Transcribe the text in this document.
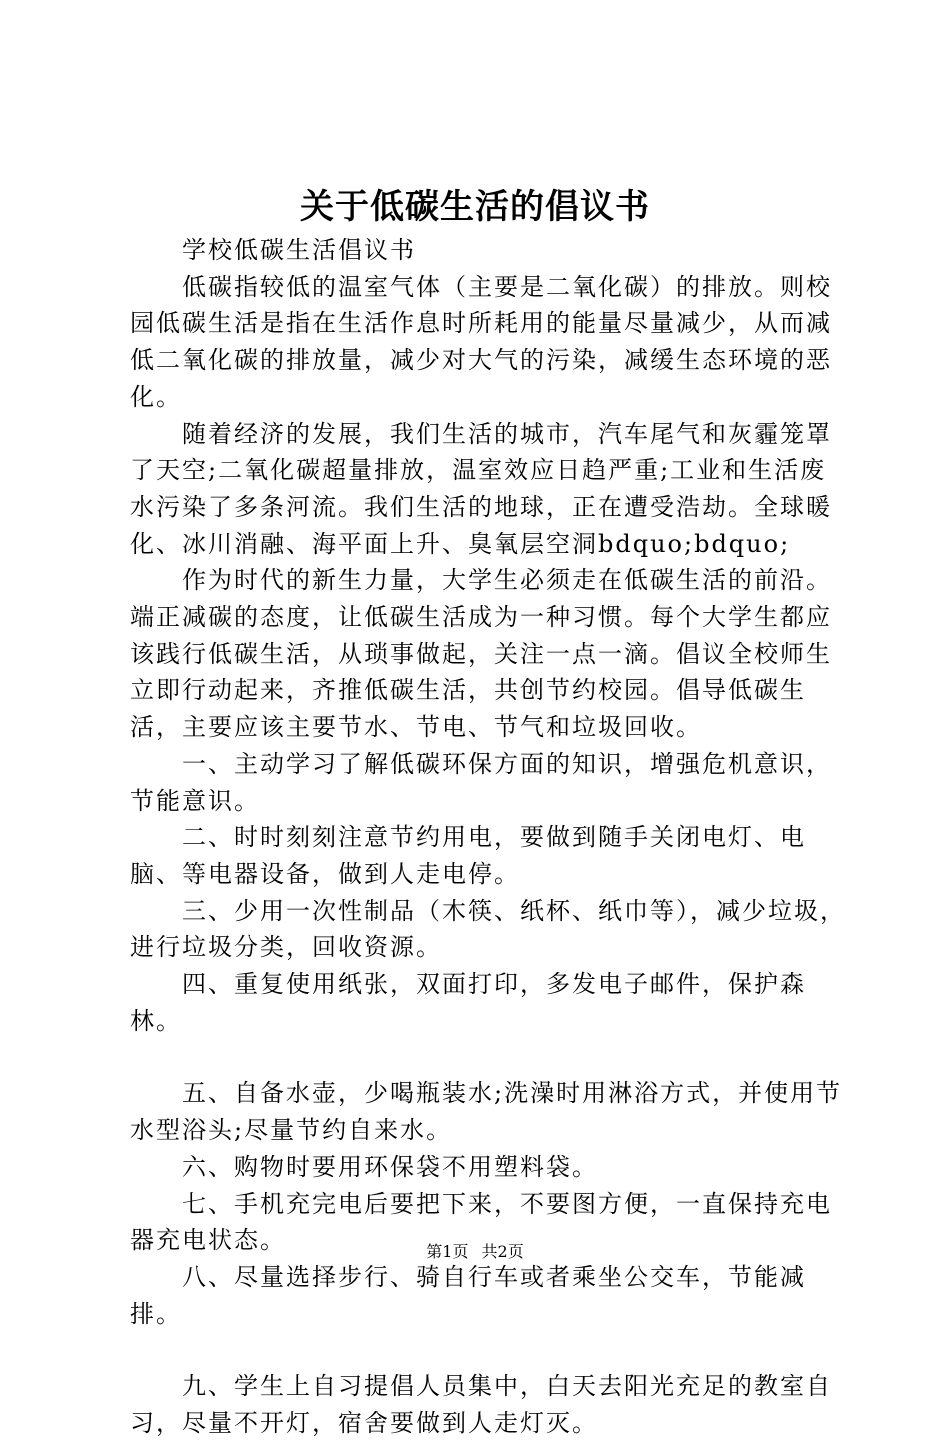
关于低碳生活的倡议书

学校低碳生活倡议书

低碳指较低的温室气体（主要是二氧化碳）的排放。则校园低碳生活是指在生活作息时所耗用的能量尽量减少，从而减低二氧化碳的排放量，减少对大气的污染，减缓生态环境的恶化。

随着经济的发展，我们生活的城市，汽车尾气和灰霾笼罩了天空;二氧化碳超量排放，温室效应日趋严重;工业和生活废水污染了多条河流。我们生活的地球，正在遭受浩劫。全球暖化、冰川消融、海平面上升、臭氧层空洞bdquo;bdquo;

作为时代的新生力量，大学生必须走在低碳生活的前沿。端正减碳的态度，让低碳生活成为一种习惯。每个大学生都应该践行低碳生活，从琐事做起，关注一点一滴。倡议全校师生立即行动起来，齐推低碳生活，共创节约校园。倡导低碳生活，主要应该主要节水、节电、节气和垃圾回收。

一、主动学习了解低碳环保方面的知识，增强危机意识，节能意识。

二、时时刻刻注意节约用电，要做到随手关闭电灯、电脑、等电器设备，做到人走电停。

三、少用一次性制品（木筷、纸杯、纸巾等），减少垃圾，进行垃圾分类，回收资源。

四、重复使用纸张，双面打印，多发电子邮件，保护森林。

五、自备水壶，少喝瓶装水;洗澡时用淋浴方式，并使用节水型浴头;尽量节约自来水。

六、购物时要用环保袋不用塑料袋。

七、手机充完电后要把下来，不要图方便，一直保持充电器充电状态。

八、尽量选择步行、骑自行车或者乘坐公交车，节能减排。

九、学生上自习提倡人员集中，白天去阳光充足的教室自习，尽量不开灯，宿舍要做到人走灯灭。

第1页 共2页
